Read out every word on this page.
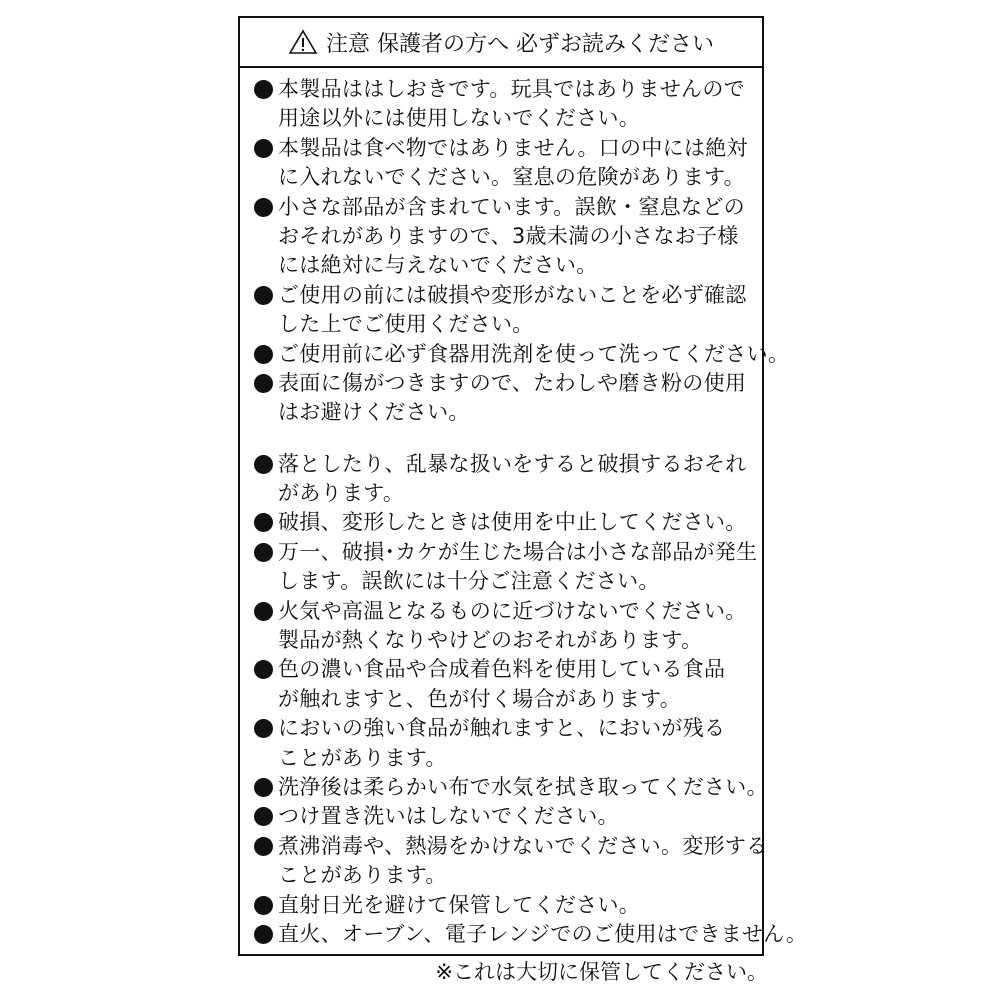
注意 保護者の方へ 必ずお読みください
本製品ははしおきです。玩具ではありませんので
用途以外には使用しないでください。
本製品は食べ物ではありません。口の中には絶対
に入れないでください。窒息の危険があります。
小さな部品が含まれています。誤飲・窒息などの
おそれがありますので、3歳未満の小さなお子様
には絶対に与えないでください。
ご使用の前には破損や変形がないことを必ず確認
した上でご使用ください。
ご使用前に必ず食器用洗剤を使って洗ってください。
表面に傷がつきますので、たわしや磨き粉の使用
はお避けください。
落としたり、乱暴な扱いをすると破損するおそれ
があります。
破損、変形したときは使用を中止してください。
万一、破損･カケが生じた場合は小さな部品が発生
します。誤飲には十分ご注意ください。
火気や高温となるものに近づけないでください。
製品が熱くなりやけどのおそれがあります。
色の濃い食品や合成着色料を使用している食品
が触れますと、色が付く場合があります。
においの強い食品が触れますと、においが残る
ことがあります。
洗浄後は柔らかい布で水気を拭き取ってください。
つけ置き洗いはしないでください。
煮沸消毒や、熱湯をかけないでください。変形する
ことがあります。
直射日光を避けて保管してください。
直火、オーブン、電子レンジでのご使用はできません。
※これは大切に保管してください。
